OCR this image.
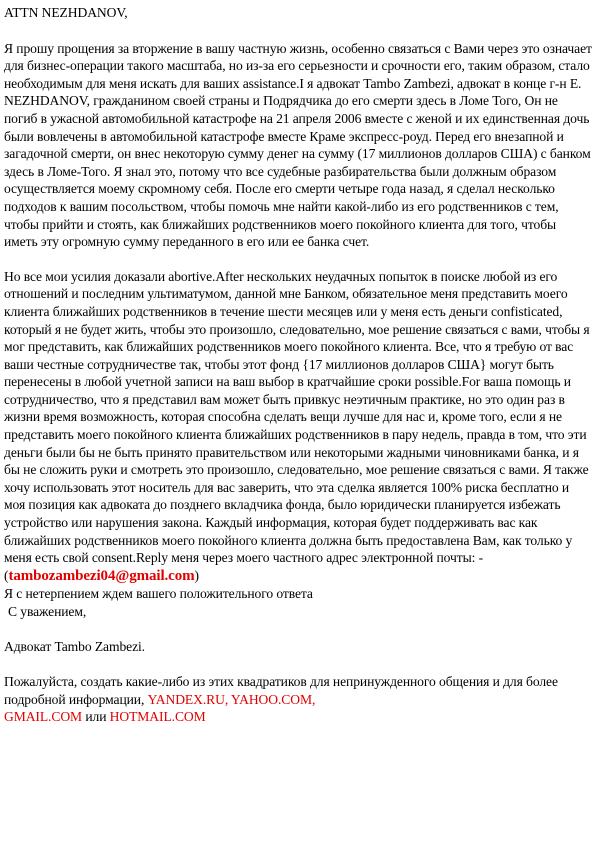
ATTN NEZHDANOV,
Я прошу прощения за вторжение в вашу частную жизнь, особенно связаться с Вами через это означает для бизнес-операции такого масштаба, но из-за его серьезности и срочности его, таким образом, стало необходимым для меня искать для ваших assistance.I я адвокат Tambo Zambezi, адвокат в конце г-н E. NEZHDANOV, гражданином своей страны и Подрядчика до его смерти здесь в Ломе Того, Он не погиб в ужасной автомобильной катастрофе на 21 апреля 2006 вместе с женой и их единственная дочь были вовлечены в автомобильной катастрофе вместе Краме экспресс-роуд. Перед его внезапной и загадочной смерти, он внес некоторую сумму денег на сумму (17 миллионов долларов США) с банком здесь в Ломе-Того. Я знал это, потому что все судебные разбирательства были должным образом осуществляется моему скромному себя. После его смерти четыре года назад, я сделал несколько подходов к вашим посольством, чтобы помочь мне найти какой-либо из его родственников с тем, чтобы прийти и стоять, как ближайших родственников моего покойного клиента для того, чтобы иметь эту огромную сумму переданного в его или ее банка счет.
Но все мои усилия доказали abortive.After нескольких неудачных попыток в поиске любой из его отношений и последним ультиматумом, данной мне Банком, обязательное меня представить моего клиента ближайших родственников в течение шести месяцев или у меня есть деньги confisticated, который я не будет жить, чтобы это произошло, следовательно, мое решение связаться с вами, чтобы я мог представить, как ближайших родственников моего покойного клиента. Все, что я требую от вас ваши честные сотрудничестве так, чтобы этот фонд {17 миллионов долларов США} могут быть перенесены в любой учетной записи на ваш выбор в кратчайшие сроки possible.For ваша помощь и сотрудничество, что я представил вам может быть привкус неэтичным практике, но это один раз в жизни время возможность, которая способна сделать вещи лучше для нас и, кроме того, если я не представить моего покойного клиента ближайших родственников в пару недель, правда в том, что эти деньги были бы не быть принято правительством или некоторыми жадными чиновниками банка, и я бы не сложить руки и смотреть это произошло, следовательно, мое решение связаться с вами. Я также хочу использовать этот носитель для вас заверить, что эта сделка является 100% риска бесплатно и моя позиция как адвоката до позднего вкладчика фонда, было юридически планируется избежать устройство или нарушения закона. Каждый информация, которая будет поддерживать вас как ближайших родственников моего покойного клиента должна быть предоставлена Вам, как только у меня есть свой consent.Reply меня через моего частного адрес электронной почты: - (tambozambezi04@gmail.com)
Я с нетерпением ждем вашего положительного ответа
С уважением,
Адвокат Tambo Zambezi.
Пожалуйста, создать какие-либо из этих квадратиков для непринужденного общения и для более подробной информации, YANDEX.RU, YAHOO.COM,
GMAIL.COM или HOTMAIL.COM
